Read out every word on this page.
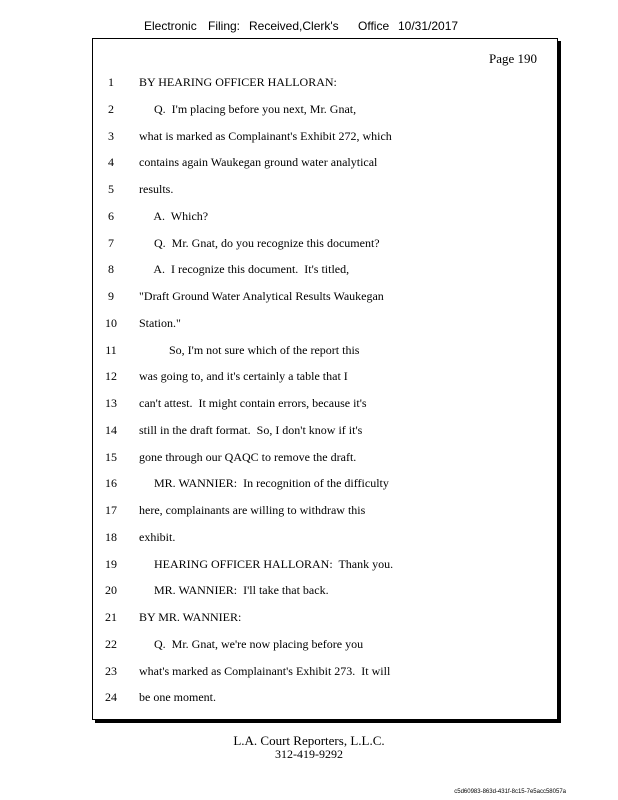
Electronic Filing: Received,Clerk's Office 10/31/2017
Page 190
1	BY HEARING OFFICER HALLORAN:
2	Q.  I'm placing before you next, Mr. Gnat,
3	what is marked as Complainant's Exhibit 272, which
4	contains again Waukegan ground water analytical
5	results.
6	A.  Which?
7	Q.  Mr. Gnat, do you recognize this document?
8	A.  I recognize this document.  It's titled,
9	"Draft Ground Water Analytical Results Waukegan
10	Station."
11	So, I'm not sure which of the report this
12	was going to, and it's certainly a table that I
13	can't attest.  It might contain errors, because it's
14	still in the draft format.  So, I don't know if it's
15	gone through our QAQC to remove the draft.
16	MR. WANNIER:  In recognition of the difficulty
17	here, complainants are willing to withdraw this
18	exhibit.
19	HEARING OFFICER HALLORAN:  Thank you.
20	MR. WANNIER:  I'll take that back.
21	BY MR. WANNIER:
22	Q.  Mr. Gnat, we're now placing before you
23	what's marked as Complainant's Exhibit 273.  It will
24	be one moment.
L.A. Court Reporters, L.L.C.
312-419-9292
c5d60983-863d-431f-8c15-7e5acc58057a
